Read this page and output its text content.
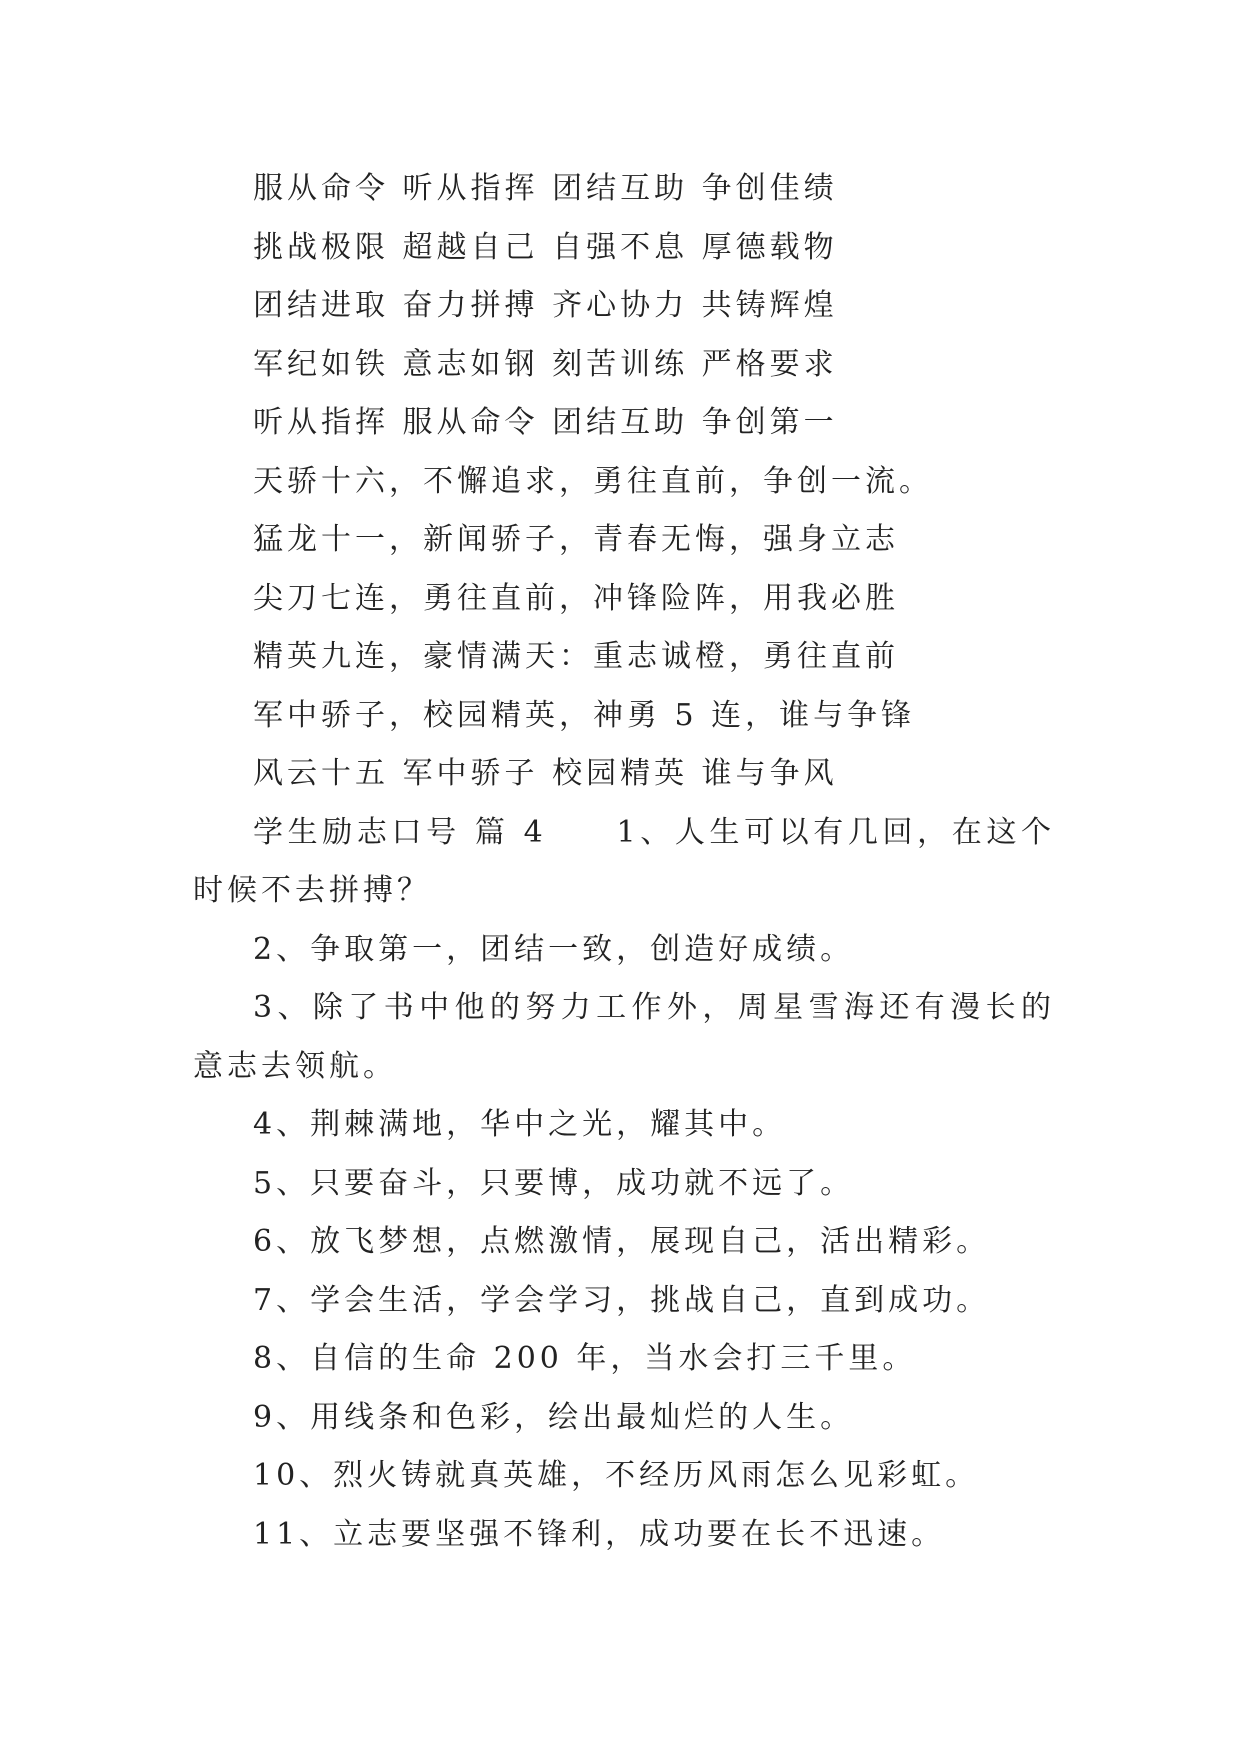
服从命令 听从指挥 团结互助 争创佳绩
挑战极限 超越自己 自强不息 厚德载物
团结进取 奋力拼搏 齐心协力 共铸辉煌
军纪如铁 意志如钢 刻苦训练 严格要求
听从指挥 服从命令 团结互助 争创第一
天骄十六，不懈追求，勇往直前，争创一流。
猛龙十一，新闻骄子，青春无悔，强身立志
尖刀七连，勇往直前，冲锋险阵，用我必胜
精英九连，豪情满天：重志诚橙，勇往直前
军中骄子，校园精英，神勇 5 连，谁与争锋
风云十五 军中骄子 校园精英 谁与争风

学生励志口号 篇 4　　1、人生可以有几回，在这个时候不去拼搏？

2、争取第一，团结一致，创造好成绩。

3、除了书中他的努力工作外，周星雪海还有漫长的意志去领航。

4、荆棘满地，华中之光，耀其中。

5、只要奋斗，只要博，成功就不远了。

6、放飞梦想，点燃激情，展现自己，活出精彩。

7、学会生活，学会学习，挑战自己，直到成功。

8、自信的生命 200 年，当水会打三千里。

9、用线条和色彩，绘出最灿烂的人生。

10、烈火铸就真英雄，不经历风雨怎么见彩虹。

11、立志要坚强不锋利，成功要在长不迅速。
